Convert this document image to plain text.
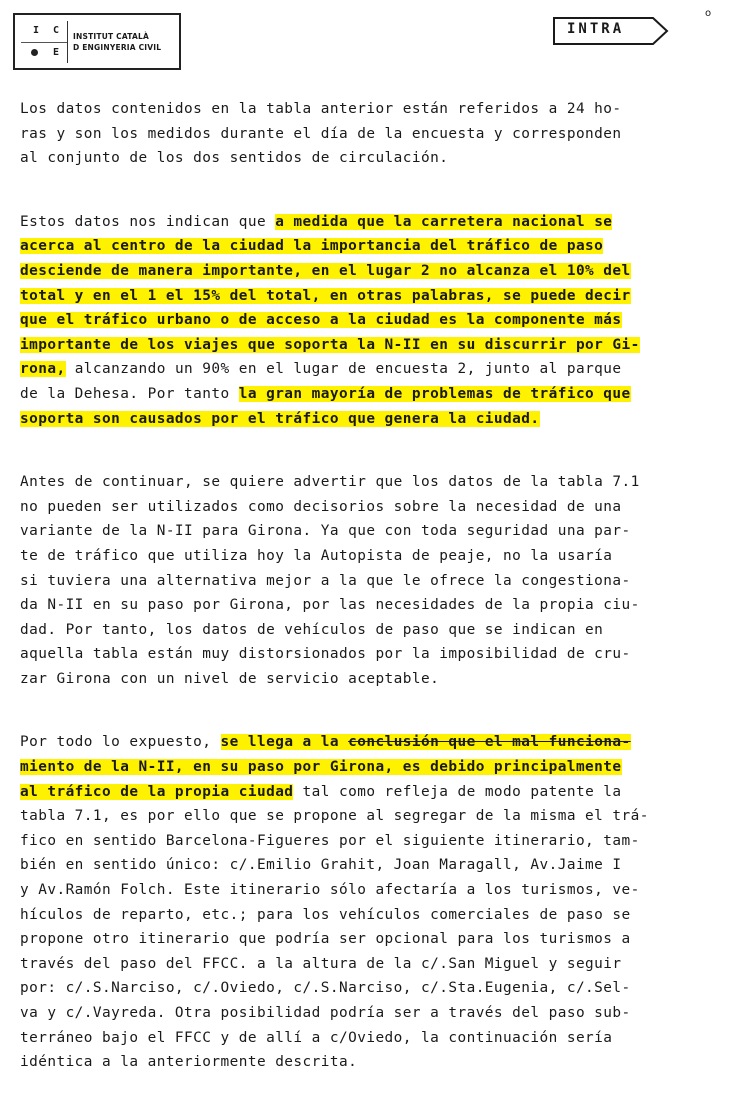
I C
E
INSTITUT CATALÀ
D ENGINYERIA CIVIL
INTRA
o
Los datos contenidos en la tabla anterior están referidos a 24 ho-
ras y son los medidos durante el día de la encuesta y corresponden
al conjunto de los dos sentidos de circulación.
Estos datos nos indican que a medida que la carretera nacional se
acerca al centro de la ciudad la importancia del tráfico de paso
desciende de manera importante, en el lugar 2 no alcanza el 10% del
total y en el 1 el 15% del total, en otras palabras, se puede decir
que el tráfico urbano o de acceso a la ciudad es la componente más
importante de los viajes que soporta la N-II en su discurrir por Gi-
rona, alcanzando un 90% en el lugar de encuesta 2, junto al parque
de la Dehesa. Por tanto la gran mayoría de problemas de tráfico que
soporta son causados por el tráfico que genera la ciudad.
Antes de continuar, se quiere advertir que los datos de la tabla 7.1
no pueden ser utilizados como decisorios sobre la necesidad de una
variante de la N-II para Girona. Ya que con toda seguridad una par-
te de tráfico que utiliza hoy la Autopista de peaje, no la usaría
si tuviera una alternativa mejor a la que le ofrece la congestiona-
da N-II en su paso por Girona, por las necesidades de la propia ciu-
dad. Por tanto, los datos de vehículos de paso que se indican en
aquella tabla están muy distorsionados por la imposibilidad de cru-
zar Girona con un nivel de servicio aceptable.
Por todo lo expuesto, se llega a la conclusión que el mal funciona-
miento de la N-II, en su paso por Girona, es debido principalmente
al tráfico de la propia ciudad tal como refleja de modo patente la
tabla 7.1, es por ello que se propone al segregar de la misma el trá-
fico en sentido Barcelona-Figueres por el siguiente itinerario, tam-
bién en sentido único: c/.Emilio Grahit, Joan Maragall, Av.Jaime I
y Av.Ramón Folch. Este itinerario sólo afectaría a los turismos, ve-
hículos de reparto, etc.; para los vehículos comerciales de paso se
propone otro itinerario que podría ser opcional para los turismos a
través del paso del FFCC. a la altura de la c/.San Miguel y seguir
por: c/.S.Narciso, c/.Oviedo, c/.S.Narciso, c/.Sta.Eugenia, c/.Sel-
va y c/.Vayreda. Otra posibilidad podría ser a través del paso sub-
terráneo bajo el FFCC y de allí a c/Oviedo, la continuación sería
idéntica a la anteriormente descrita.
